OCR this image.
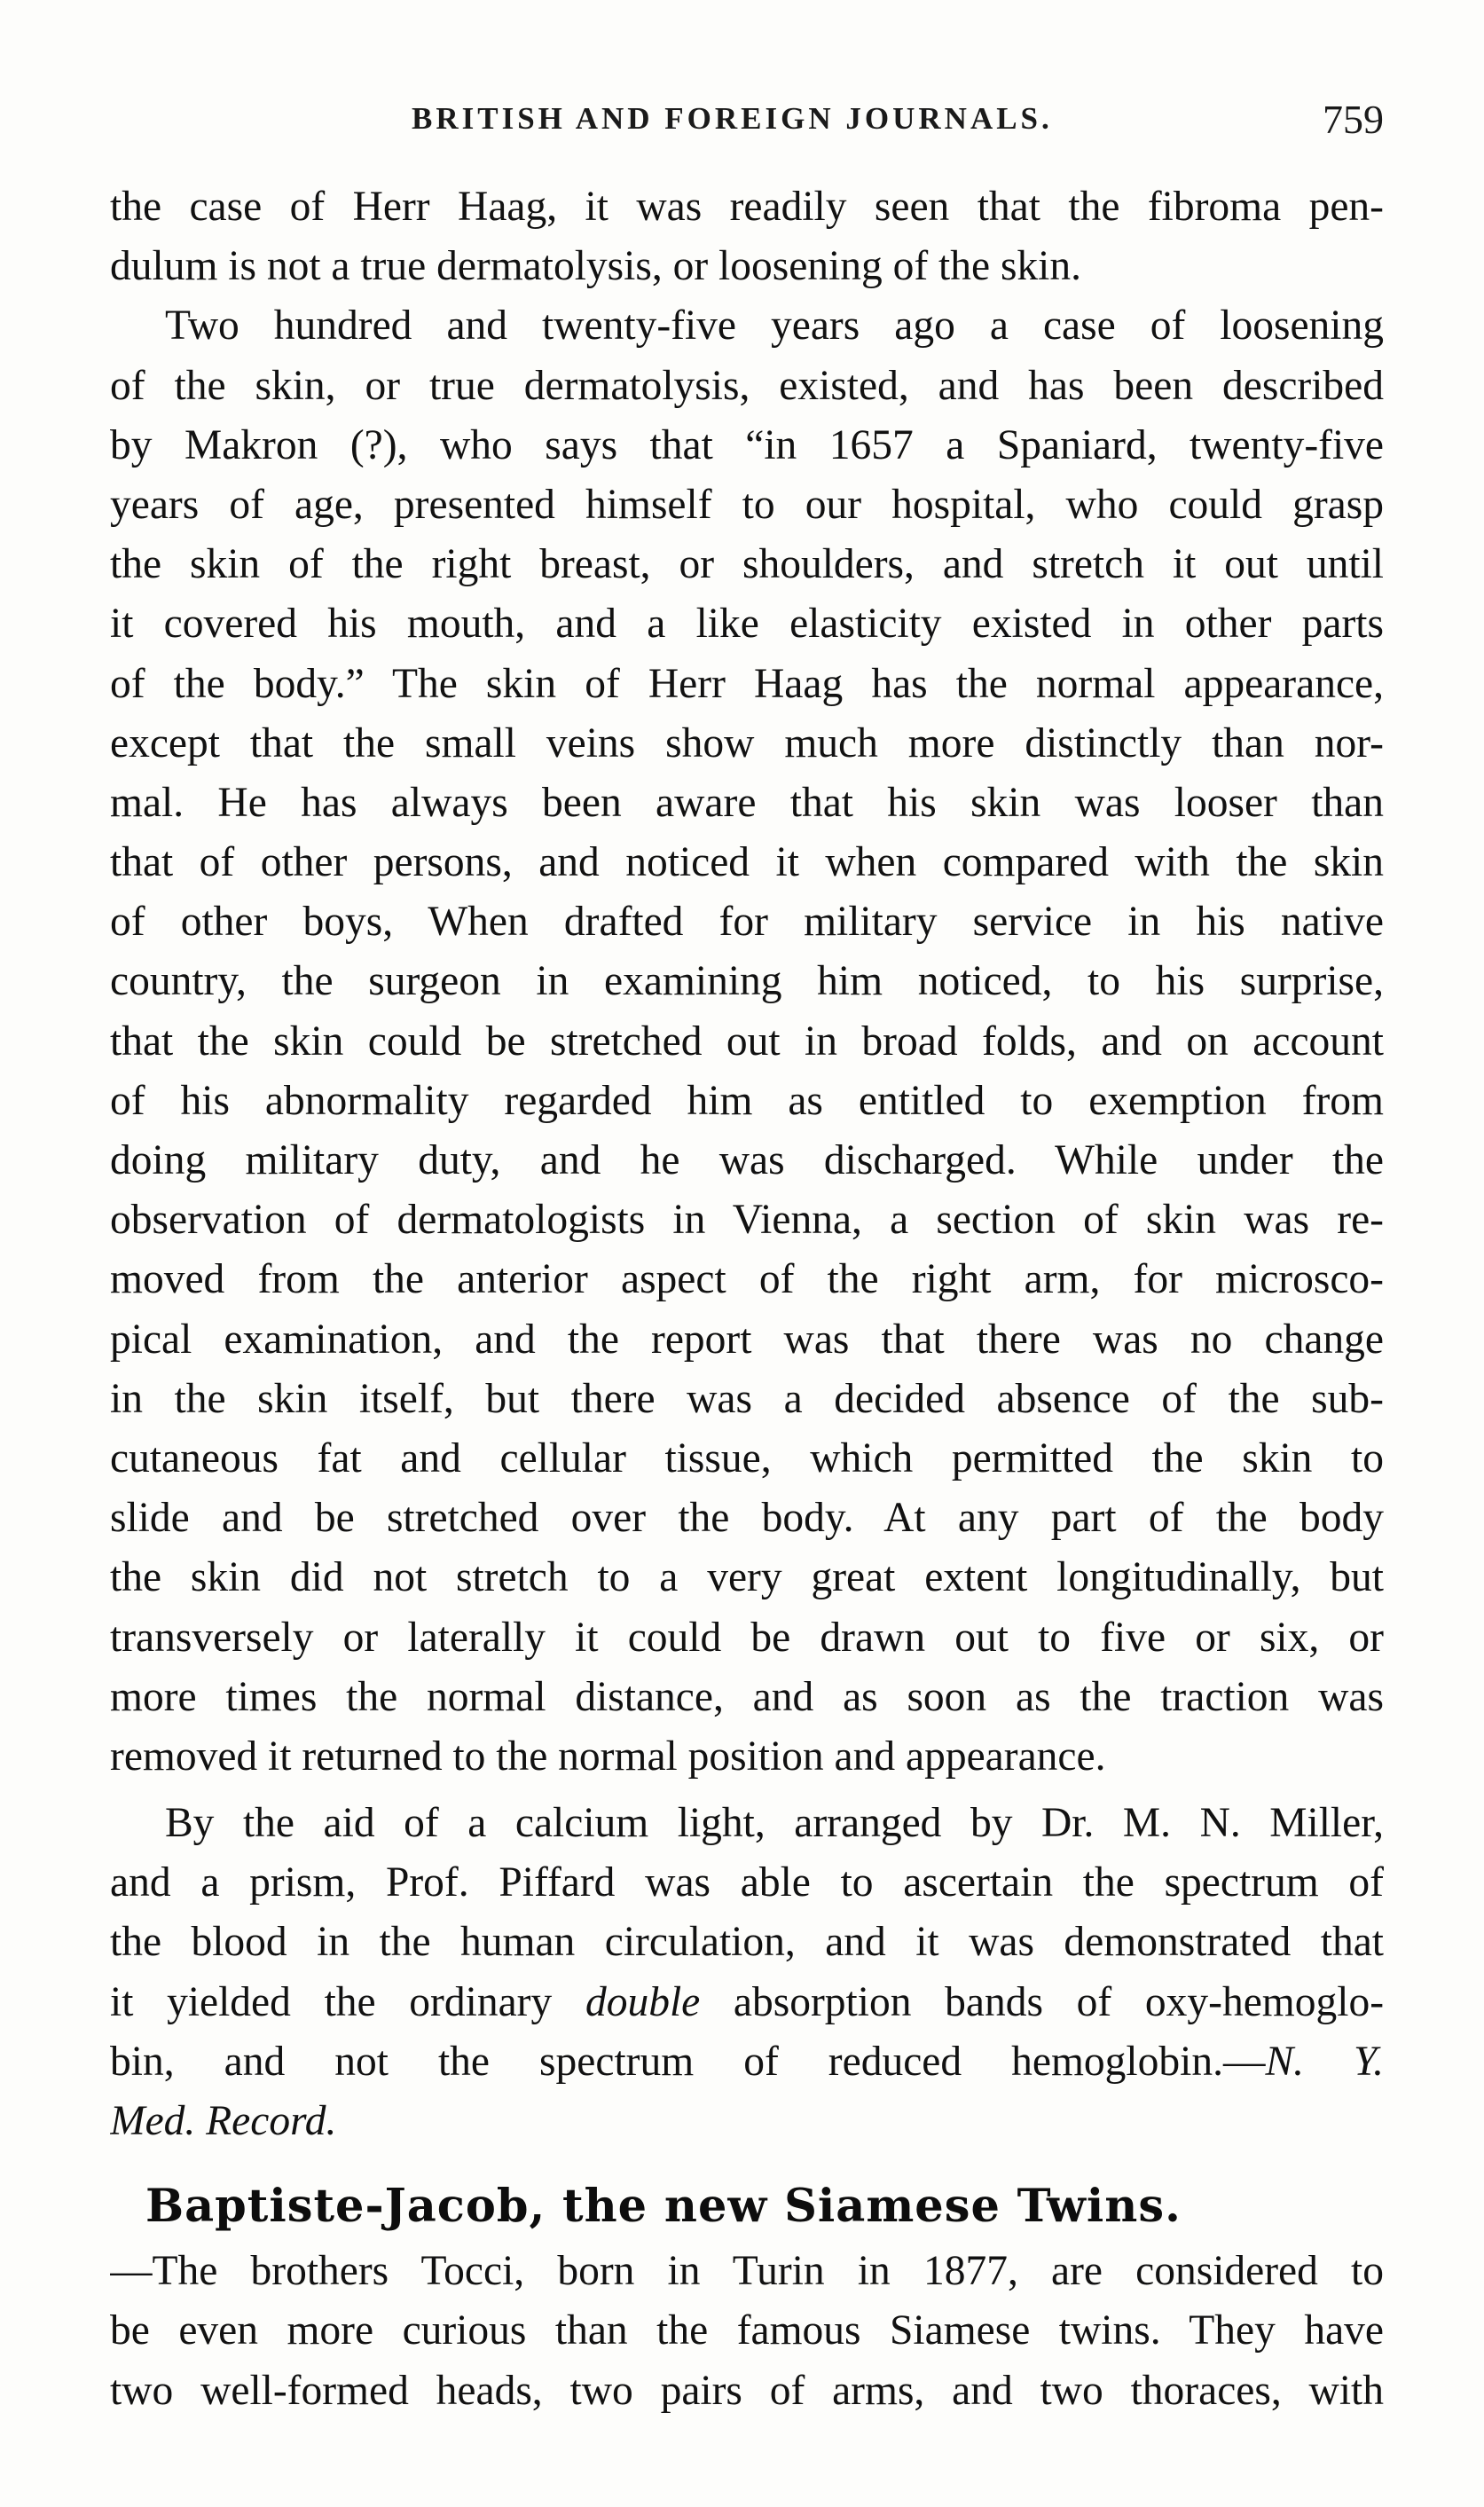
BRITISH AND FOREIGN JOURNALS.	759
the case of Herr Haag, it was readily seen that the fibroma pen-
dulum is not a true dermatolysis, or loosening of the skin.
Two hundred and twenty-five years ago a case of loosening
of the skin, or true dermatolysis, existed, and has been described
by Makron (?), who says that “in 1657 a Spaniard, twenty-five
years of age, presented himself to our hospital, who could grasp
the skin of the right breast, or shoulders, and stretch it out until
it covered his mouth, and a like elasticity existed in other parts
of the body.” The skin of Herr Haag has the normal appearance,
except that the small veins show much more distinctly than nor-
mal. He has always been aware that his skin was looser than
that of other persons, and noticed it when compared with the skin
of other boys, When drafted for military service in his native
country, the surgeon in examining him noticed, to his surprise,
that the skin could be stretched out in broad folds, and on account
of his abnormality regarded him as entitled to exemption from
doing military duty, and he was discharged. While under the
observation of dermatologists in Vienna, a section of skin was re-
moved from the anterior aspect of the right arm, for microsco-
pical examination, and the report was that there was no change
in the skin itself, but there was a decided absence of the sub-
cutaneous fat and cellular tissue, which permitted the skin to
slide and be stretched over the body. At any part of the body
the skin did not stretch to a very great extent longitudinally, but
transversely or laterally it could be drawn out to five or six, or
more times the normal distance, and as soon as the traction was
removed it returned to the normal position and appearance.
By the aid of a calcium light, arranged by Dr. M. N. Miller,
and a prism, Prof. Piffard was able to ascertain the spectrum of
the blood in the human circulation, and it was demonstrated that
it yielded the ordinary double absorption bands of oxy-hemoglo-
bin, and not the spectrum of reduced hemoglobin.—N. Y.
Med. Record.
Baptiste-Jacob, the new Siamese Twins.
—The brothers Tocci, born in Turin in 1877, are considered to
be even more curious than the famous Siamese twins. They have
two well-formed heads, two pairs of arms, and two thoraces, with
